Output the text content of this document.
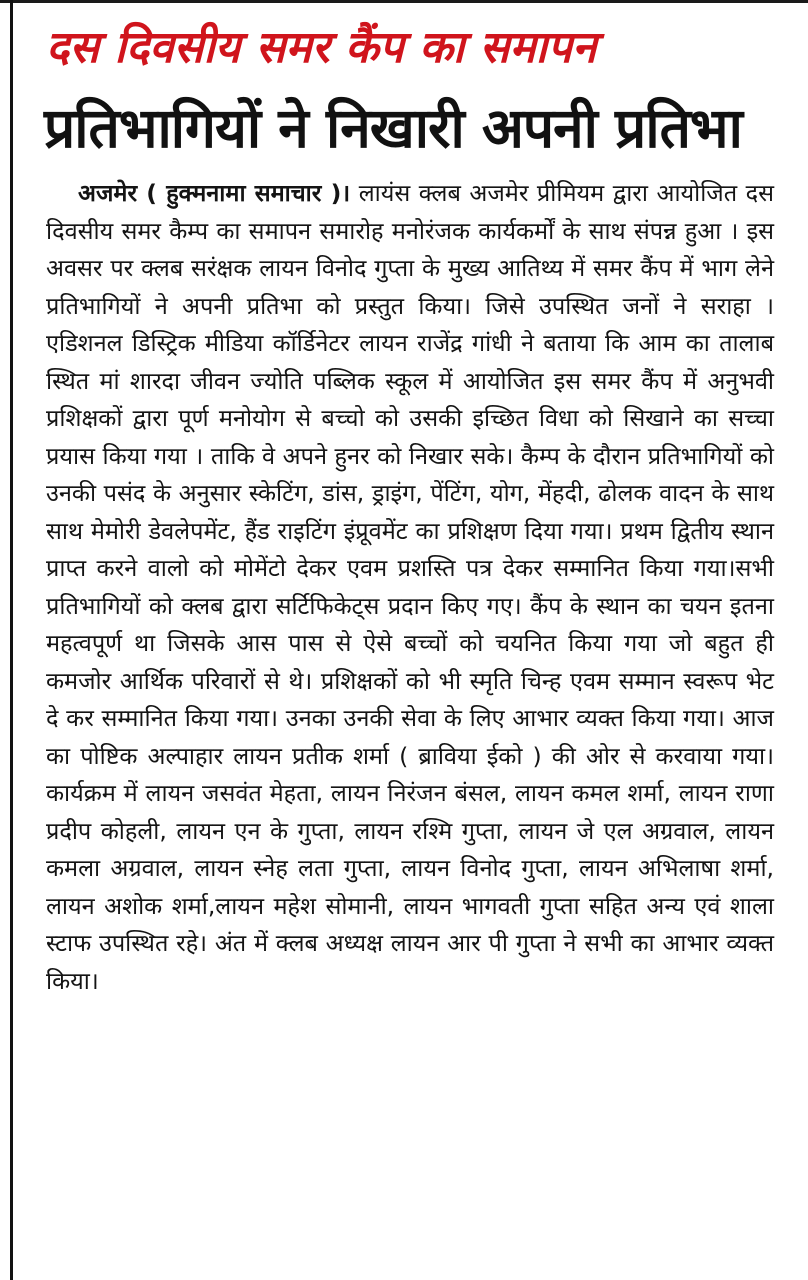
दस दिवसीय समर कैंप का समापन
प्रतिभागियों ने निखारी अपनी प्रतिभा
अजमेर ( हुक्मनामा समाचार )। लायंस क्लब अजमेर प्रीमियम द्वारा आयोजित दस दिवसीय समर कैम्प का समापन समारोह मनोरंजक कार्यकर्मों के साथ संपन्न हुआ । इस अवसर पर क्लब सरंक्षक लायन विनोद गुप्ता के मुख्य आतिथ्य में समर कैंप में भाग लेने प्रतिभागियों ने अपनी प्रतिभा को प्रस्तुत किया। जिसे उपस्थित जनों ने सराहा । एडिशनल डिस्ट्रिक मीडिया कॉर्डिनेटर लायन राजेंद्र गांधी ने बताया कि आम का तालाब स्थित मां शारदा जीवन ज्योति पब्लिक स्कूल में आयोजित इस समर कैंप में अनुभवी प्रशिक्षकों द्वारा पूर्ण मनोयोग से बच्चो को उसकी इच्छित विधा को सिखाने का सच्चा प्रयास किया गया । ताकि वे अपने हुनर को निखार सके। कैम्प के दौरान प्रतिभागियों को उनकी पसंद के अनुसार स्केटिंग, डांस, ड्राइंग, पेंटिंग, योग, मेंहदी, ढोलक वादन के साथ साथ मेमोरी डेवलेपमेंट, हैंड राइटिंग इंप्रूवमेंट का प्रशिक्षण दिया गया। प्रथम द्वितीय स्थान प्राप्त करने वालो को मोमेंटो देकर एवम प्रशस्ति पत्र देकर सम्मानित किया गया।सभी प्रतिभागियों को क्लब द्वारा सर्टिफिकेट्स प्रदान किए गए। कैंप के स्थान का चयन इतना महत्वपूर्ण था जिसके आस पास से ऐसे बच्चों को चयनित किया गया जो बहुत ही कमजोर आर्थिक परिवारों से थे। प्रशिक्षकों को भी स्मृति चिन्ह एवम सम्मान स्वरूप भेट दे कर सम्मानित किया गया। उनका उनकी सेवा के लिए आभार व्यक्त किया गया। आज का पोष्टिक अल्पाहार लायन प्रतीक शर्मा ( ब्राविया ईको ) की ओर से करवाया गया। कार्यक्रम में लायन जसवंत मेहता, लायन निरंजन बंसल, लायन कमल शर्मा, लायन राणा प्रदीप कोहली, लायन एन के गुप्ता, लायन रश्मि गुप्ता, लायन जे एल अग्रवाल, लायन कमला अग्रवाल, लायन स्नेह लता गुप्ता, लायन विनोद गुप्ता, लायन अभिलाषा शर्मा, लायन अशोक शर्मा,लायन महेश सोमानी, लायन भागवती गुप्ता सहित अन्य एवं शाला स्टाफ उपस्थित रहे। अंत में क्लब अध्यक्ष लायन आर पी गुप्ता ने सभी का आभार व्यक्त किया।
